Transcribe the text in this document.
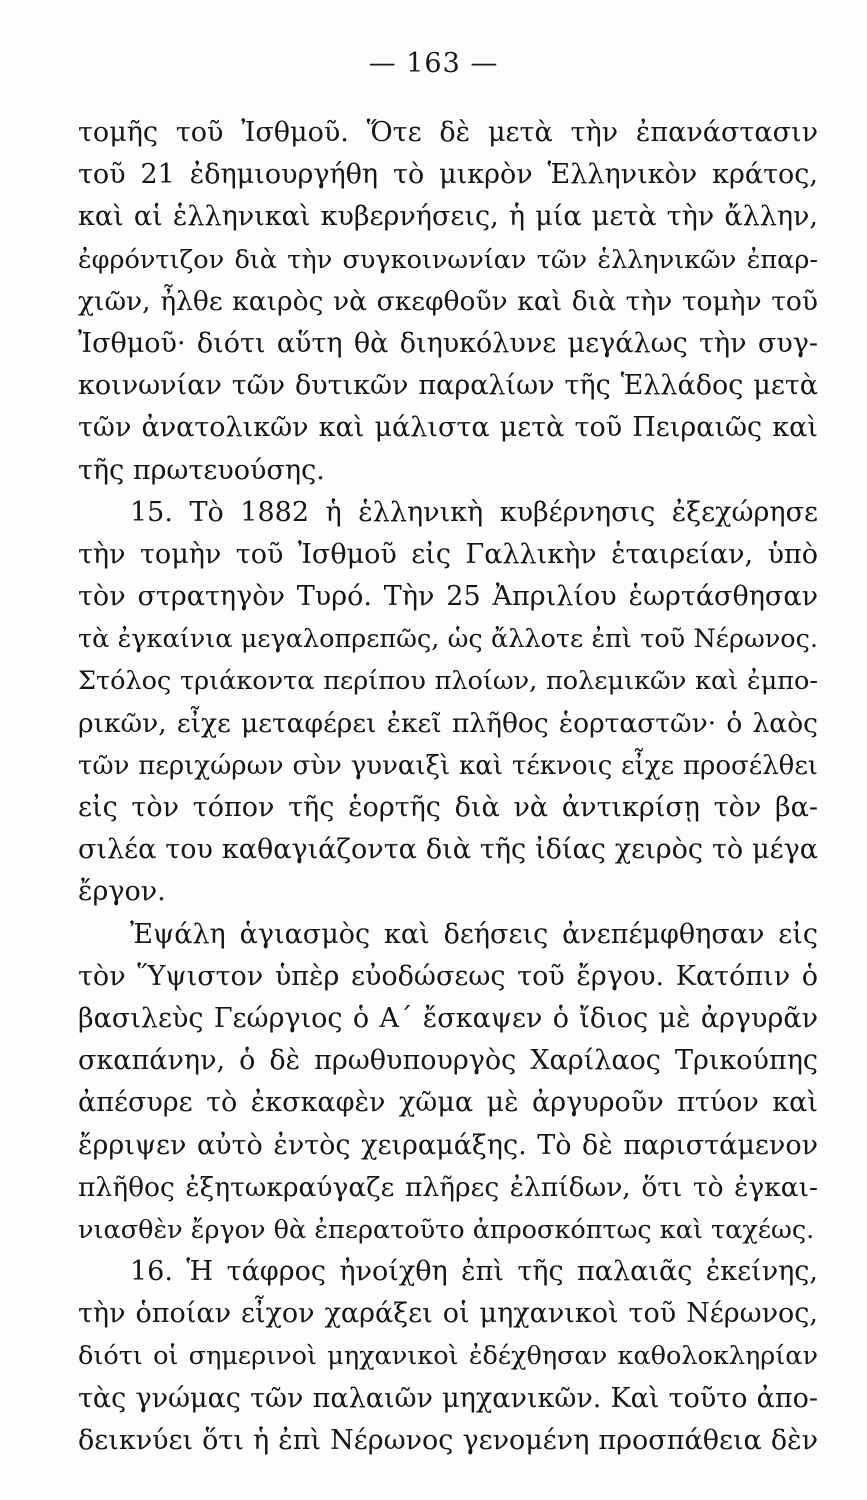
— 163 —
τομῆς τοῦ Ἰσθμοῦ. Ὅτε δὲ μετὰ τὴν ἐπανάστασιν
τοῦ 21 ἐδημιουργήθη τὸ μικρὸν Ἑλληνικὸν κράτος,
καὶ αἱ ἑλληνικαὶ κυβερνήσεις, ἡ μία μετὰ τὴν ἄλλην,
ἐφρόντιζον διὰ τὴν συγκοινωνίαν τῶν ἑλληνικῶν ἐπαρ-
χιῶν, ἦλθε καιρὸς νὰ σκεφθοῦν καὶ διὰ τὴν τομὴν τοῦ
Ἰσθμοῦ· διότι αὕτη θὰ διηυκόλυνε μεγάλως τὴν συγ-
κοινωνίαν τῶν δυτικῶν παραλίων τῆς Ἑλλάδος μετὰ
τῶν ἀνατολικῶν καὶ μάλιστα μετὰ τοῦ Πειραιῶς καὶ
τῆς πρωτευούσης.
15. Τὸ 1882 ἡ ἑλληνικὴ κυβέρνησις ἐξεχώρησε
τὴν τομὴν τοῦ Ἰσθμοῦ εἰς Γαλλικὴν ἑταιρείαν, ὑπὸ
τὸν στρατηγὸν Τυρό. Τὴν 25 Ἀπριλίου ἑωρτάσθησαν
τὰ ἐγκαίνια μεγαλοπρεπῶς, ὡς ἄλλοτε ἐπὶ τοῦ Νέρωνος.
Στόλος τριάκοντα περίπου πλοίων, πολεμικῶν καὶ ἐμπο-
ρικῶν, εἶχε μεταφέρει ἐκεῖ πλῆθος ἑορταστῶν· ὁ λαὸς
τῶν περιχώρων σὺν γυναιξὶ καὶ τέκνοις εἶχε προσέλθει
εἰς τὸν τόπον τῆς ἑορτῆς διὰ νὰ ἀντικρίσῃ τὸν βα-
σιλέα του καθαγιάζοντα διὰ τῆς ἰδίας χειρὸς τὸ μέγα
ἔργον.
Ἐψάλη ἁγιασμὸς καὶ δεήσεις ἀνεπέμφθησαν εἰς
τὸν Ὕψιστον ὑπὲρ εὐοδώσεως τοῦ ἔργου. Κατόπιν ὁ
βασιλεὺς Γεώργιος ὁ Α΄ ἔσκαψεν ὁ ἴδιος μὲ ἀργυρᾶν
σκαπάνην, ὁ δὲ πρωθυπουργὸς Χαρίλαος Τρικούπης
ἀπέσυρε τὸ ἐκσκαφὲν χῶμα μὲ ἀργυροῦν πτύον καὶ
ἔρριψεν αὐτὸ ἐντὸς χειραμάξης. Τὸ δὲ παριστάμενον
πλῆθος ἐξητωκραύγαζε πλῆρες ἐλπίδων, ὅτι τὸ ἐγκαι-
νιασθὲν ἔργον θὰ ἐπερατοῦτο ἀπροσκόπτως καὶ ταχέως.
16. Ἡ τάφρος ἠνοίχθη ἐπὶ τῆς παλαιᾶς ἐκείνης,
τὴν ὁποίαν εἶχον χαράξει οἱ μηχανικοὶ τοῦ Νέρωνος,
διότι οἱ σημερινοὶ μηχανικοὶ ἐδέχθησαν καθολοκληρίαν
τὰς γνώμας τῶν παλαιῶν μηχανικῶν. Καὶ τοῦτο ἀπο-
δεικνύει ὅτι ἡ ἐπὶ Νέρωνος γενομένη προσπάθεια δὲν
